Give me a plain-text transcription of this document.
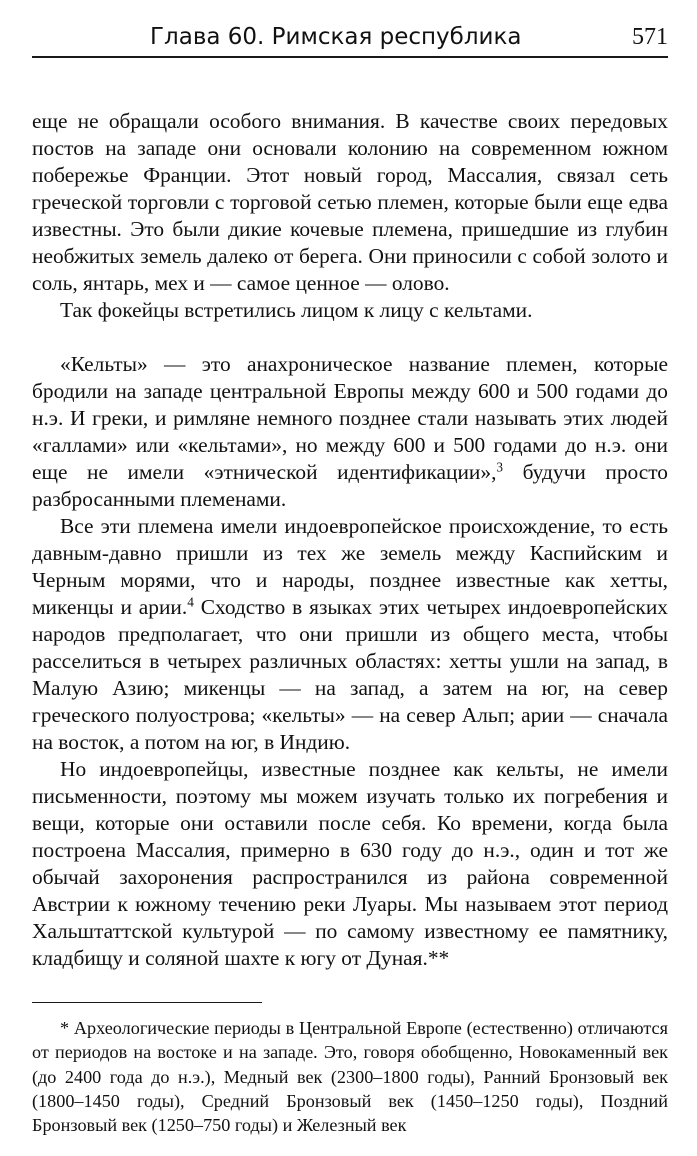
Глава 60. Римская республика	571

еще не обращали особого внимания. В качестве своих передовых постов на западе они основали колонию на современном южном побережье Франции. Этот новый город, Массалия, связал сеть греческой торговли с торговой сетью племен, которые были еще едва известны. Это были дикие кочевые племена, пришедшие из глубин необжитых земель далеко от берега. Они приносили с собой золото и соль, янтарь, мех и — самое ценное — олово.

Так фокейцы встретились лицом к лицу с кельтами.

«Кельты» — это анахроническое название племен, которые бродили на западе центральной Европы между 600 и 500 годами до н.э. И греки, и римляне немного позднее стали называть этих людей «галлами» или «кельтами», но между 600 и 500 годами до н.э. они еще не имели «этнической идентификации»,$^3$ будучи просто разбросанными племенами.

Все эти племена имели индоевропейское происхождение, то есть давным-давно пришли из тех же земель между Каспийским и Черным морями, что и народы, позднее известные как хетты, микенцы и арии.$^4$ Сходство в языках этих четырех индоевропейских народов предполагает, что они пришли из общего места, чтобы расселиться в четырех различных областях: хетты ушли на запад, в Малую Азию; микенцы — на запад, а затем на юг, на север греческого полуострова; «кельты» — на север Альп; арии — сначала на восток, а потом на юг, в Индию.

Но индоевропейцы, известные позднее как кельты, не имели письменности, поэтому мы можем изучать только их погребения и вещи, которые они оставили после себя. Ко времени, когда была построена Массалия, примерно в 630 году до н.э., один и тот же обычай захоронения распространился из района современной Австрии к южному течению реки Луары. Мы называем этот период Хальштаттской культурой — по самому известному ее памятнику, кладбищу и соляной шахте к югу от Дуная.**

* Археологические периоды в Центральной Европе (естественно) отличаются от периодов на востоке и на западе. Это, говоря обобщенно, Новокаменный век (до 2400 года до н.э.), Медный век (2300–1800 годы), Ранний Бронзовый век (1800–1450 годы), Средний Бронзовый век (1450–1250 годы), Поздний Бронзовый век (1250–750 годы) и Железный век
